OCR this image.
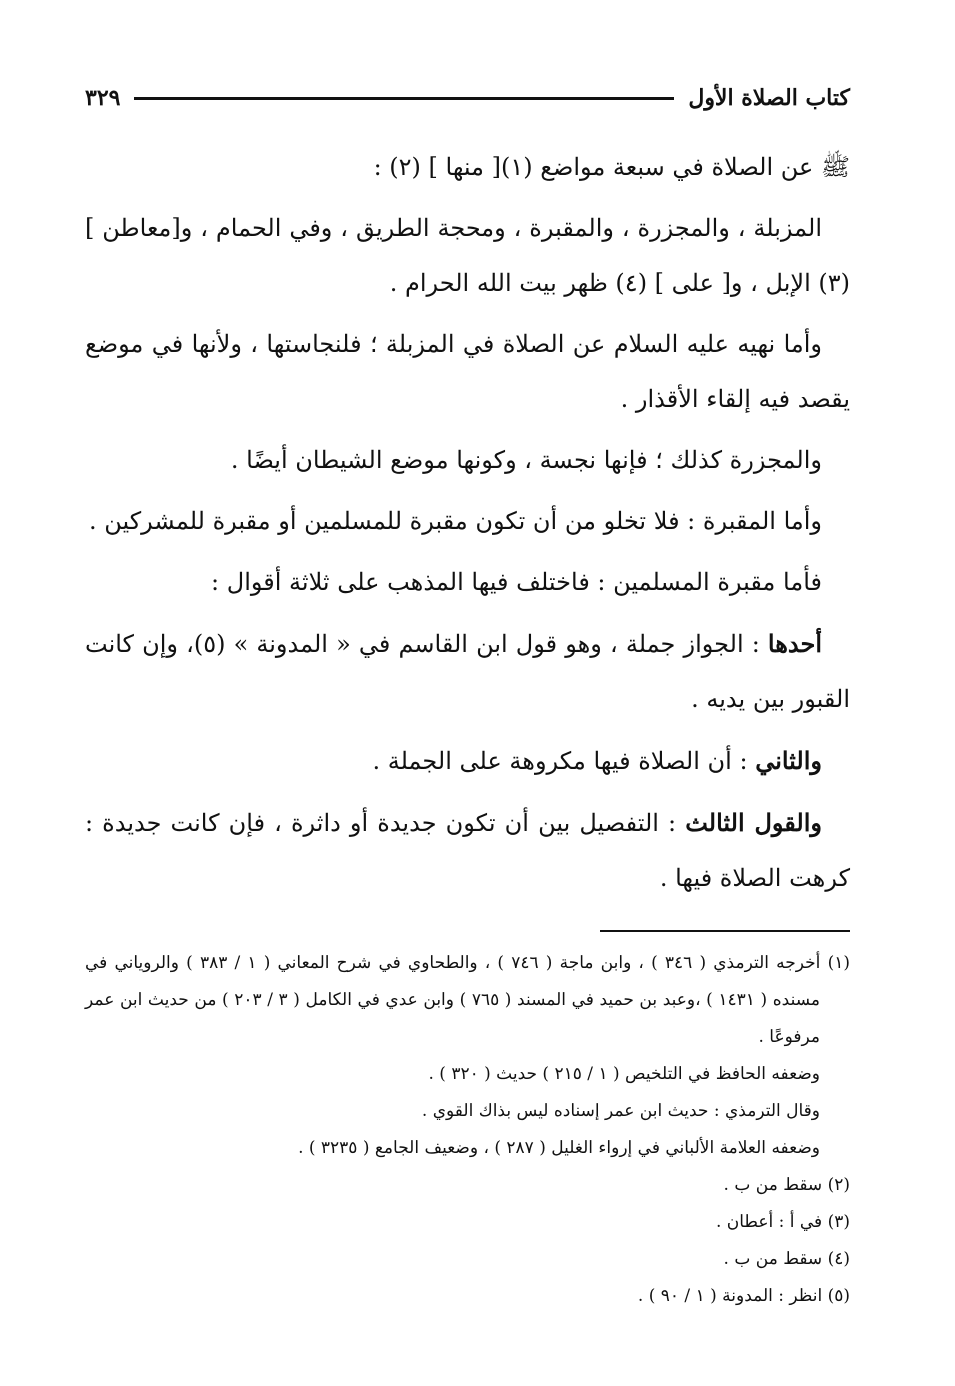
كتاب الصلاة الأول
٣٢٩

ﷺ عن الصلاة في سبعة مواضع (١)[ منها ] (٢) :

المزبلة ، والمجزرة ، والمقبرة ، ومحجة الطريق ، وفي الحمام ، و[معاطن ] (٣) الإبل ، و[ على ] (٤) ظهر بيت الله الحرام .

وأما نهيه عليه السلام عن الصلاة في المزبلة ؛ فلنجاستها ، ولأنها في موضع يقصد فيه إلقاء الأقذار .

والمجزرة كذلك ؛ فإنها نجسة ، وكونها موضع الشيطان أيضًا .

وأما المقبرة : فلا تخلو من أن تكون مقبرة للمسلمين أو مقبرة للمشركين .

فأما مقبرة المسلمين : فاختلف فيها المذهب على ثلاثة أقوال :

أحدها : الجواز جملة ، وهو قول ابن القاسم في « المدونة » (٥)، وإن كانت القبور بين يديه .

والثاني : أن الصلاة فيها مكروهة على الجملة .

والقول الثالث : التفصيل بين أن تكون جديدة أو داثرة ، فإن كانت جديدة : كرهت الصلاة فيها .

(١) أخرجه الترمذي ( ٣٤٦ ) ، وابن ماجة ( ٧٤٦ ) ، والطحاوي في شرح المعاني ( ١ / ٣٨٣ ) والروياني في مسنده ( ١٤٣١ ) ،وعبد بن حميد في المسند ( ٧٦٥ ) وابن عدي في الكامل ( ٣ / ٢٠٣ ) من حديث ابن عمر مرفوعًا .

وضعفه الحافظ في التلخيص ( ١ / ٢١٥ ) حديث ( ٣٢٠ ) .

وقال الترمذي : حديث ابن عمر إسناده ليس بذاك القوي .

وضعفه العلامة الألباني في إرواء الغليل ( ٢٨٧ ) ، وضعيف الجامع ( ٣٢٣٥ ) .

(٢) سقط من ب .

(٣) في أ : أعطان .

(٤) سقط من ب .

(٥) انظر : المدونة ( ١ / ٩٠ ) .
